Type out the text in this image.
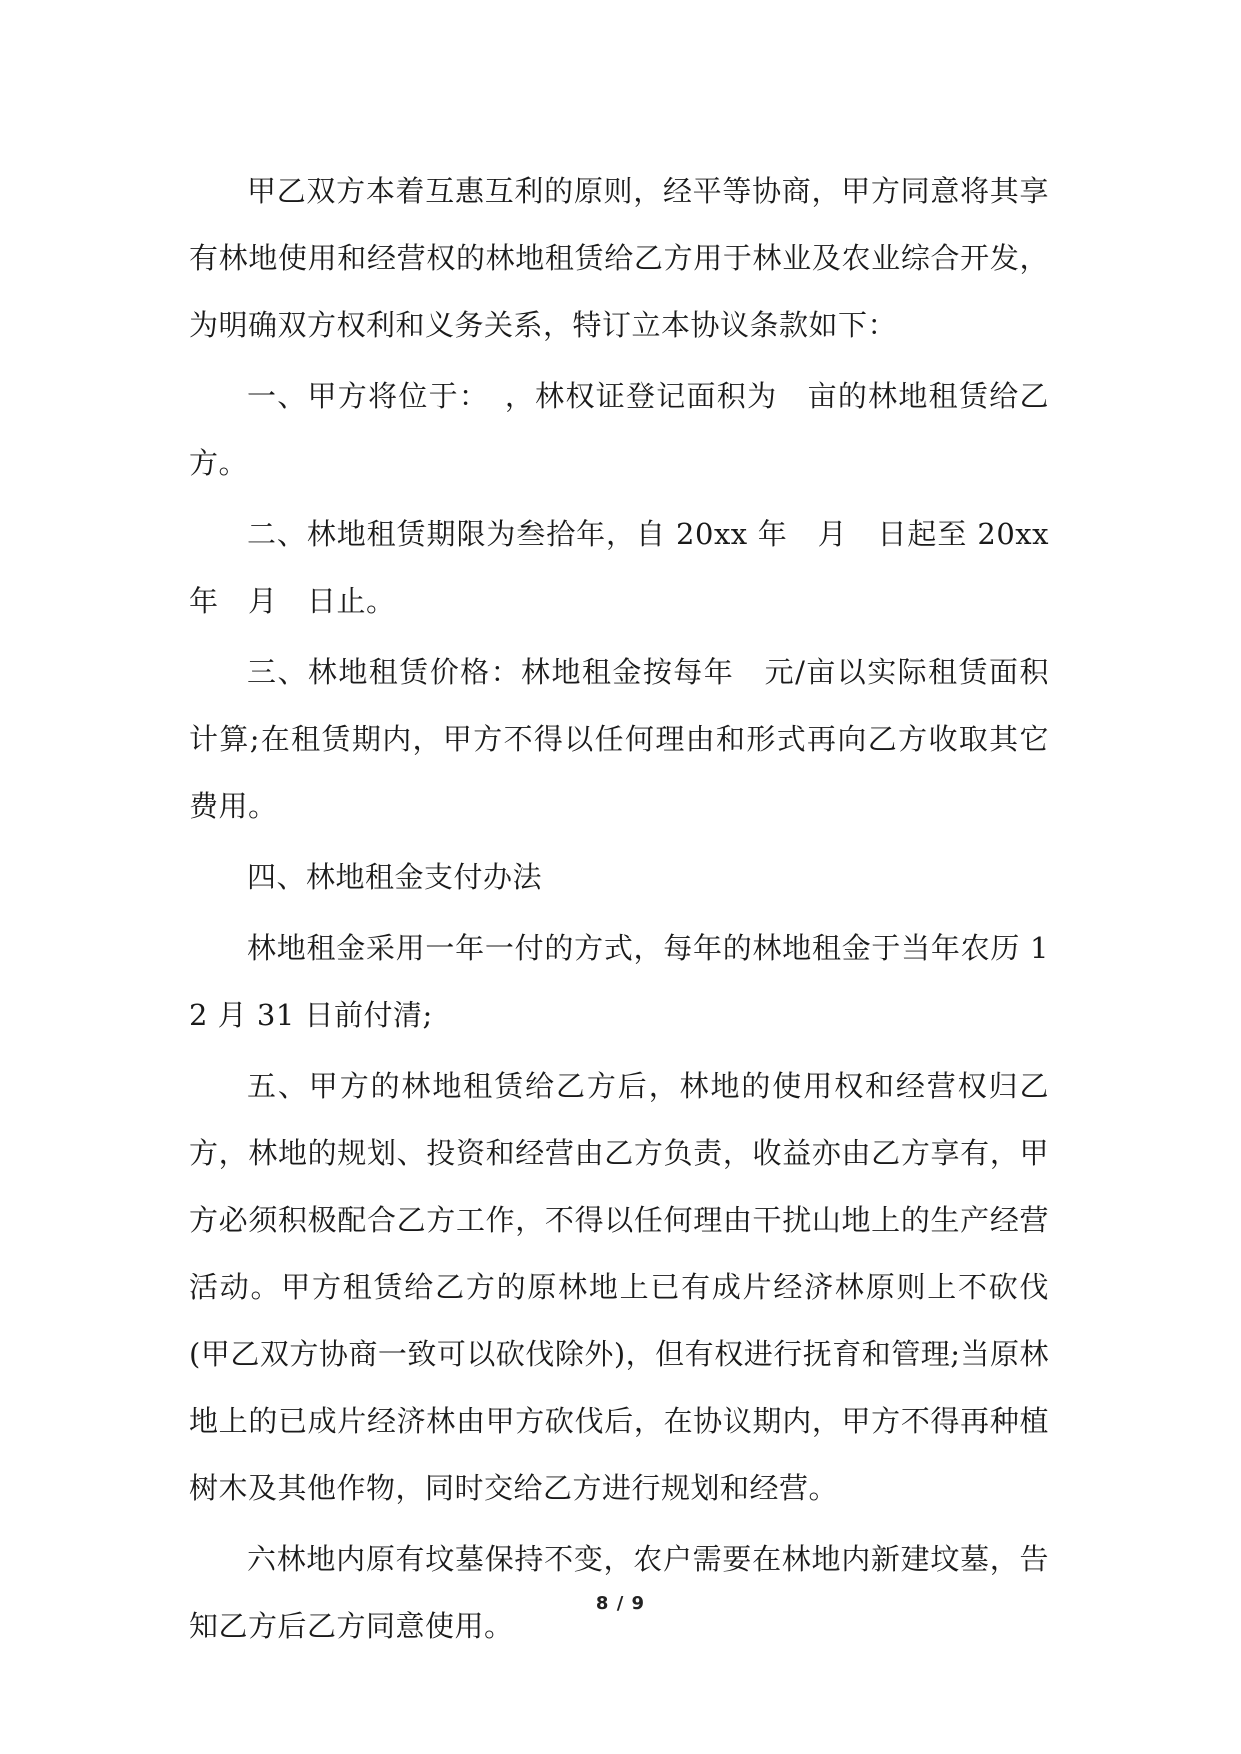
甲乙双方本着互惠互利的原则，经平等协商，甲方同意将其享有林地使用和经营权的林地租赁给乙方用于林业及农业综合开发，为明确双方权利和义务关系，特订立本协议条款如下：

一、甲方将位于：　，林权证登记面积为　亩的林地租赁给乙方。

二、林地租赁期限为叁拾年，自 20xx 年　月　日起至 20xx 年　月　日止。

三、林地租赁价格：林地租金按每年　元/亩以实际租赁面积计算;在租赁期内，甲方不得以任何理由和形式再向乙方收取其它费用。

四、林地租金支付办法

林地租金采用一年一付的方式，每年的林地租金于当年农历 12 月 31 日前付清;

五、甲方的林地租赁给乙方后，林地的使用权和经营权归乙方，林地的规划、投资和经营由乙方负责，收益亦由乙方享有，甲方必须积极配合乙方工作，不得以任何理由干扰山地上的生产经营活动。甲方租赁给乙方的原林地上已有成片经济林原则上不砍伐(甲乙双方协商一致可以砍伐除外)，但有权进行抚育和管理;当原林地上的已成片经济林由甲方砍伐后，在协议期内，甲方不得再种植树木及其他作物，同时交给乙方进行规划和经营。

六林地内原有坟墓保持不变，农户需要在林地内新建坟墓，告知乙方后乙方同意使用。

8 / 9
